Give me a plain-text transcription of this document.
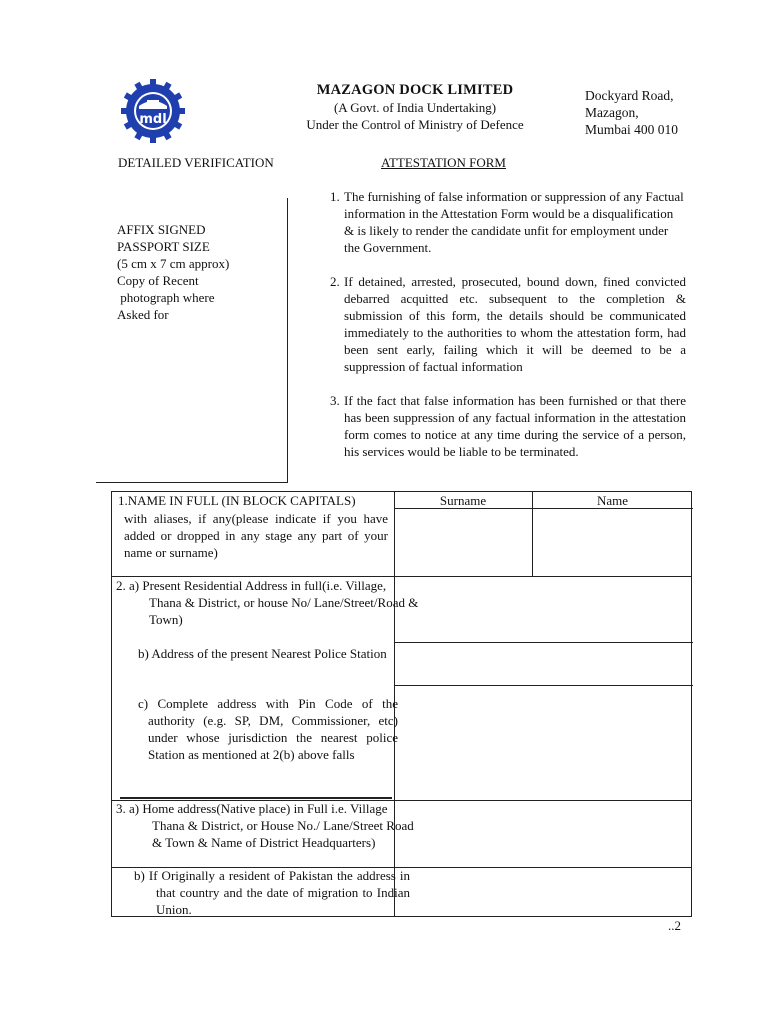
mdl
MAZAGON DOCK LIMITED
(A Govt. of India Undertaking)
Under the Control of Ministry of Defence
Dockyard Road,
Mazagon,
Mumbai 400 010
DETAILED VERIFICATION	ATTESTATION FORM
AFFIX SIGNED
PASSPORT SIZE
(5 cm x 7 cm approx)
Copy of Recent
photograph where
Asked for
1. The furnishing of false information or suppression of any Factual information in the Attestation Form would be a disqualification & is likely to render the candidate unfit for employment under the Government.
2. If detained, arrested, prosecuted, bound down, fined convicted debarred acquitted etc. subsequent to the completion & submission of this form, the details should be communicated immediately to the authorities to whom the attestation form, had been sent early, failing which it will be deemed to be a suppression of factual information
3. If the fact that false information has been furnished or that there has been suppression of any factual information in the attestation form comes to notice at any time during the service of a person, his services would be liable to be terminated.
Surname	Name
1.NAME IN FULL (IN BLOCK CAPITALS)
with aliases, if any(please indicate if you have added or dropped in any stage any part of your name or surname)
2. a) Present Residential Address in full(i.e. Village, Thana & District, or house No/ Lane/Street/Road & Town)
b) Address of the present Nearest Police Station
c) Complete address with Pin Code of the authority (e.g. SP, DM, Commissioner, etc) under whose jurisdiction the nearest police Station as mentioned at 2(b) above falls
3. a) Home address(Native place) in Full i.e. Village Thana & District, or House No./ Lane/Street Road & Town & Name of District Headquarters)
b) If Originally a resident of Pakistan the address in that country and the date of migration to Indian Union.
..2
